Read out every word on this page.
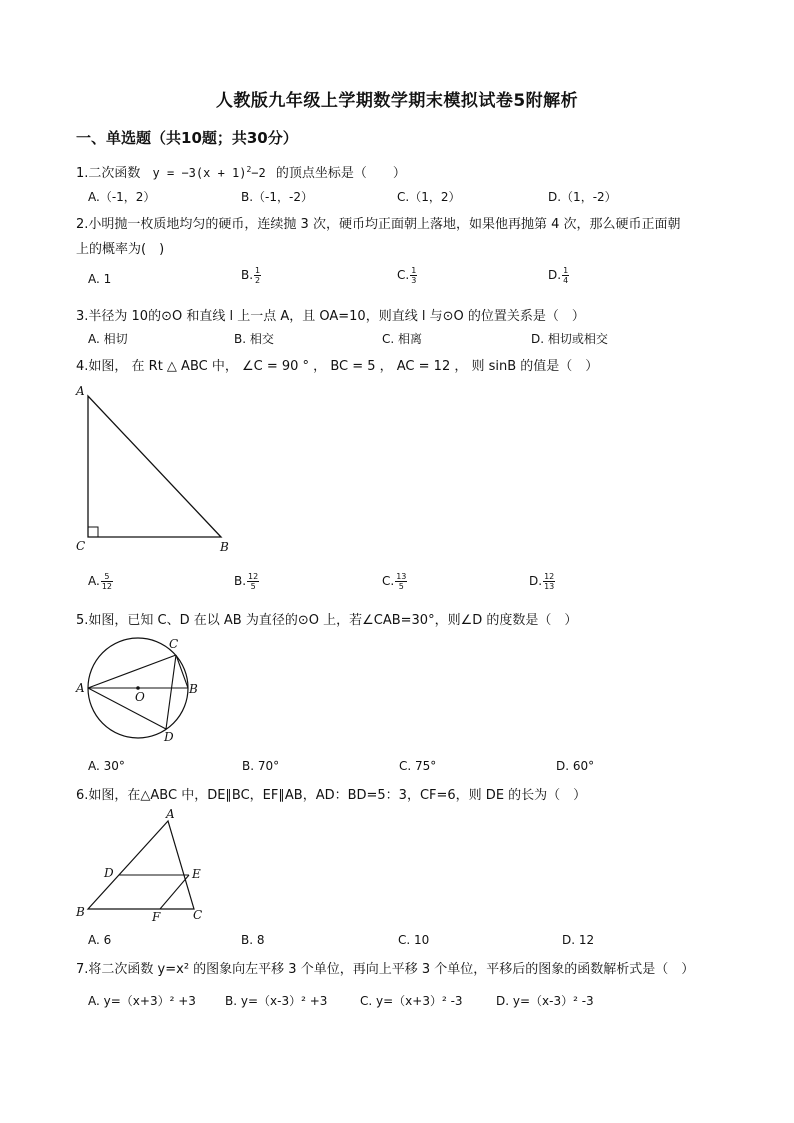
人教版九年级上学期数学期末模拟试卷5附解析
一、单选题（共10题；共30分）
1.二次函数 $y = -3(x + 1)^2-2$ 的顶点坐标是（　　）
A.（-1，2）	B.（-1，-2）	C.（1，2）	D.（1，-2）
2.小明抛一枚质地均匀的硬币，连续抛 3 次，硬币均正面朝上落地，如果他再抛第 4 次，那么硬币正面朝
上的概率为(　)
A. 1	B. $\frac{1}{2}$	C. $\frac{1}{3}$	D. $\frac{1}{4}$
3.半径为 10的⊙O 和直线 l 上一点 A，且 OA=10，则直线 l 与⊙O 的位置关系是（　）
A. 相切	B. 相交	C. 相离	D. 相切或相交
4.如图， 在 Rt △ ABC 中， ∠C = 90 ° ， BC = 5 ， AC = 12 ， 则 sinB 的值是（　）
A
C	B
A. $\frac{5}{12}$	B. $\frac{12}{5}$	C. $\frac{13}{5}$	D. $\frac{12}{13}$
5.如图，已知 C、D 在以 AB 为直径的⊙O 上，若∠CAB=30°，则∠D 的度数是（　）
A	B
C
D
O
A. 30°	B. 70°	C. 75°	D. 60°
6.如图，在△ABC 中，DE∥BC，EF∥AB，AD：BD=5：3，CF=6，则 DE 的长为（　）
A
D	E
B	F	C
A. 6	B. 8	C. 10	D. 12
7.将二次函数 y=x² 的图象向左平移 3 个单位，再向上平移 3 个单位，平移后的图象的函数解析式是（　）
A. y=（x+3）² +3 B. y=（x-3）² +3	C. y=（x+3）² -3	D. y=（x-3）² -3
